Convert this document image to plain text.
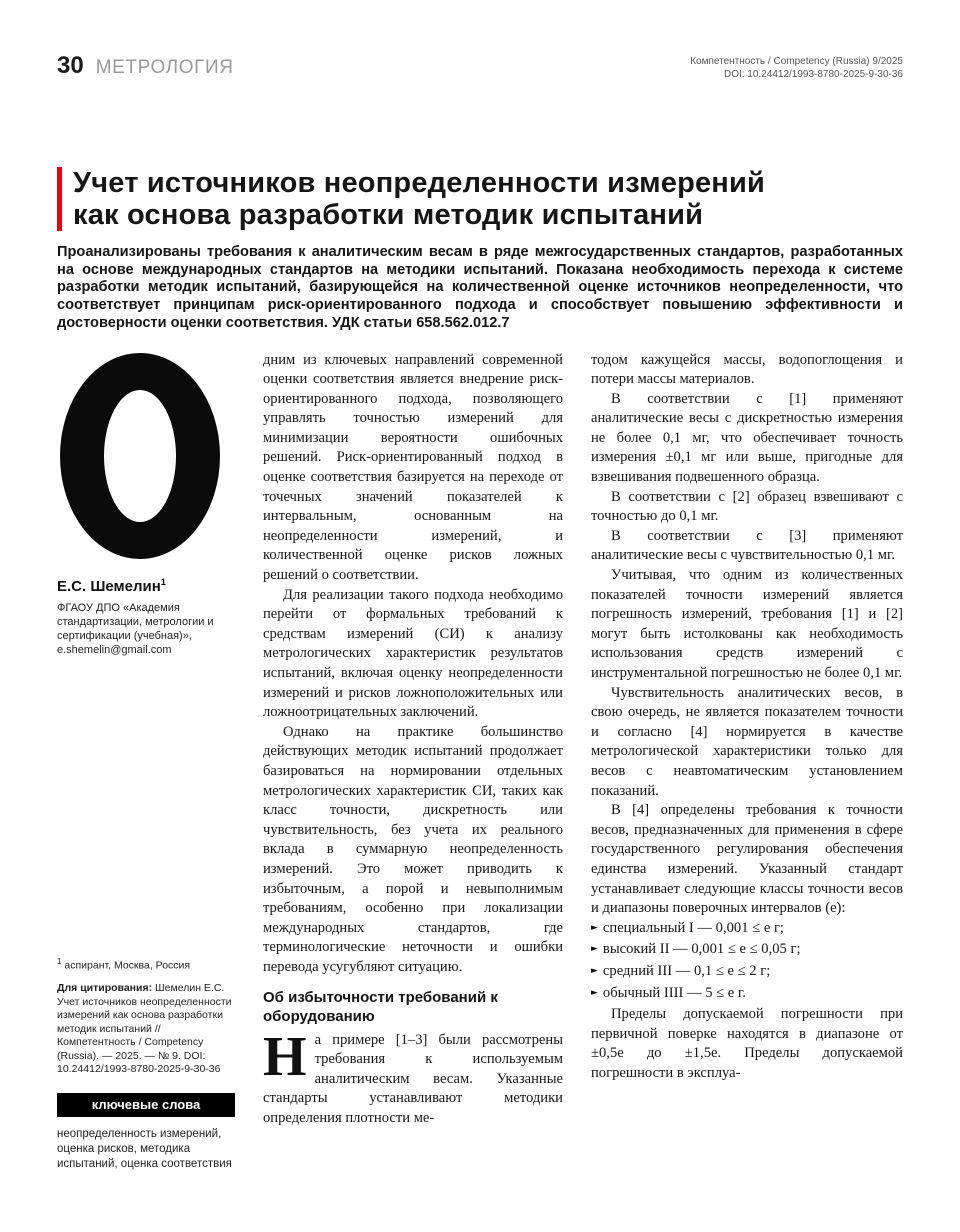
30 МЕТРОЛОГИЯ	Компетентность / Competency (Russia) 9/2025
DOI: 10.24412/1993-8780-2025-9-30-36
Учет источников неопределенности измерений
как основа разработки методик испытаний

Проанализированы требования к аналитическим весам в ряде межгосударственных стандартов, разработанных на основе международных стандартов на методики испытаний. Показана необходимость перехода к системе разработки методик испытаний, базирующейся на количественной оценке источников неопределенности, что соответствует принципам риск-ориентированного подхода и способствует повышению эффективности и достоверности оценки соответствия. УДК статьи 658.562.012.7

Е.С. Шемелин$^1$
ФГАОУ ДПО «Академия стандартизации, метрологии и сертификации (учебная)»,
e.shemelin@gmail.com
$^1$ аспирант, Москва, Россия

Для цитирования: Шемелин Е.С. Учет источников неопределенности измерений как основа разработки методик испытаний // Компетентность / Competency (Russia). — 2025. — № 9. DOI: 10.24412/1993-8780-2025-9-30-36

ключевые слова

неопределенность измерений, оценка рисков, методика испытаний, оценка соответствия

дним из ключевых направлений современной оценки соответствия является внедрение риск-ориентированного подхода, позволяющего управлять точностью измерений для минимизации вероятности ошибочных решений. Риск-ориентированный подход в оценке соответствия базируется на переходе от точечных значений показателей к интервальным, основанным на неопределенности измерений, и количественной оценке рисков ложных решений о соответствии.

Для реализации такого подхода необходимо перейти от формальных требований к средствам измерений (СИ) к анализу метрологических характеристик результатов испытаний, включая оценку неопределенности измерений и рисков ложноположительных или ложноотрицательных заключений.

Однако на практике большинство действующих методик испытаний продолжает базироваться на нормировании отдельных метрологических характеристик СИ, таких как класс точности, дискретность или чувствительность, без учета их реального вклада в суммарную неопределенность измерений. Это может приводить к избыточным, а порой и невыполнимым требованиям, особенно при локализации международных стандартов, где терминологические неточности и ошибки перевода усугубляют ситуацию.

Об избыточности требований к оборудованию

На примере [1–3] были рассмотрены требования к используемым аналитическим весам. Указанные стандарты устанавливают методики определения плотности ме-

тодом кажущейся массы, водопоглощения и потери массы материалов.

В соответствии с [1] применяют аналитические весы с дискретностью измерения не более 0,1 мг, что обеспечивает точность измерения ±0,1 мг или выше, пригодные для взвешивания подвешенного образца.

В соответствии с [2] образец взвешивают с точностью до 0,1 мг.

В соответствии с [3] применяют аналитические весы с чувствительностью 0,1 мг.

Учитывая, что одним из количественных показателей точности измерений является погрешность измерений, требования [1] и [2] могут быть истолкованы как необходимость использования средств измерений с инструментальной погрешностью не более 0,1 мг.

Чувствительность аналитических весов, в свою очередь, не является показателем точности и согласно [4] нормируется в качестве метрологической характеристики только для весов с неавтоматическим установлением показаний.

В [4] определены требования к точности весов, предназначенных для применения в сфере государственного регулирования обеспечения единства измерений. Указанный стандарт устанавливает следующие классы точности весов и диапазоны поверочных интервалов (e):

► специальный I — 0,001 ≤ e г;
► высокий II — 0,001 ≤ e ≤ 0,05 г;
► средний III — 0,1 ≤ e ≤ 2 г;
► обычный IIII — 5 ≤ e г.

Пределы допускаемой погрешности при первичной поверке находятся в диапазоне от ±0,5e до ±1,5e. Пределы допускаемой погрешности в эксплуа-
